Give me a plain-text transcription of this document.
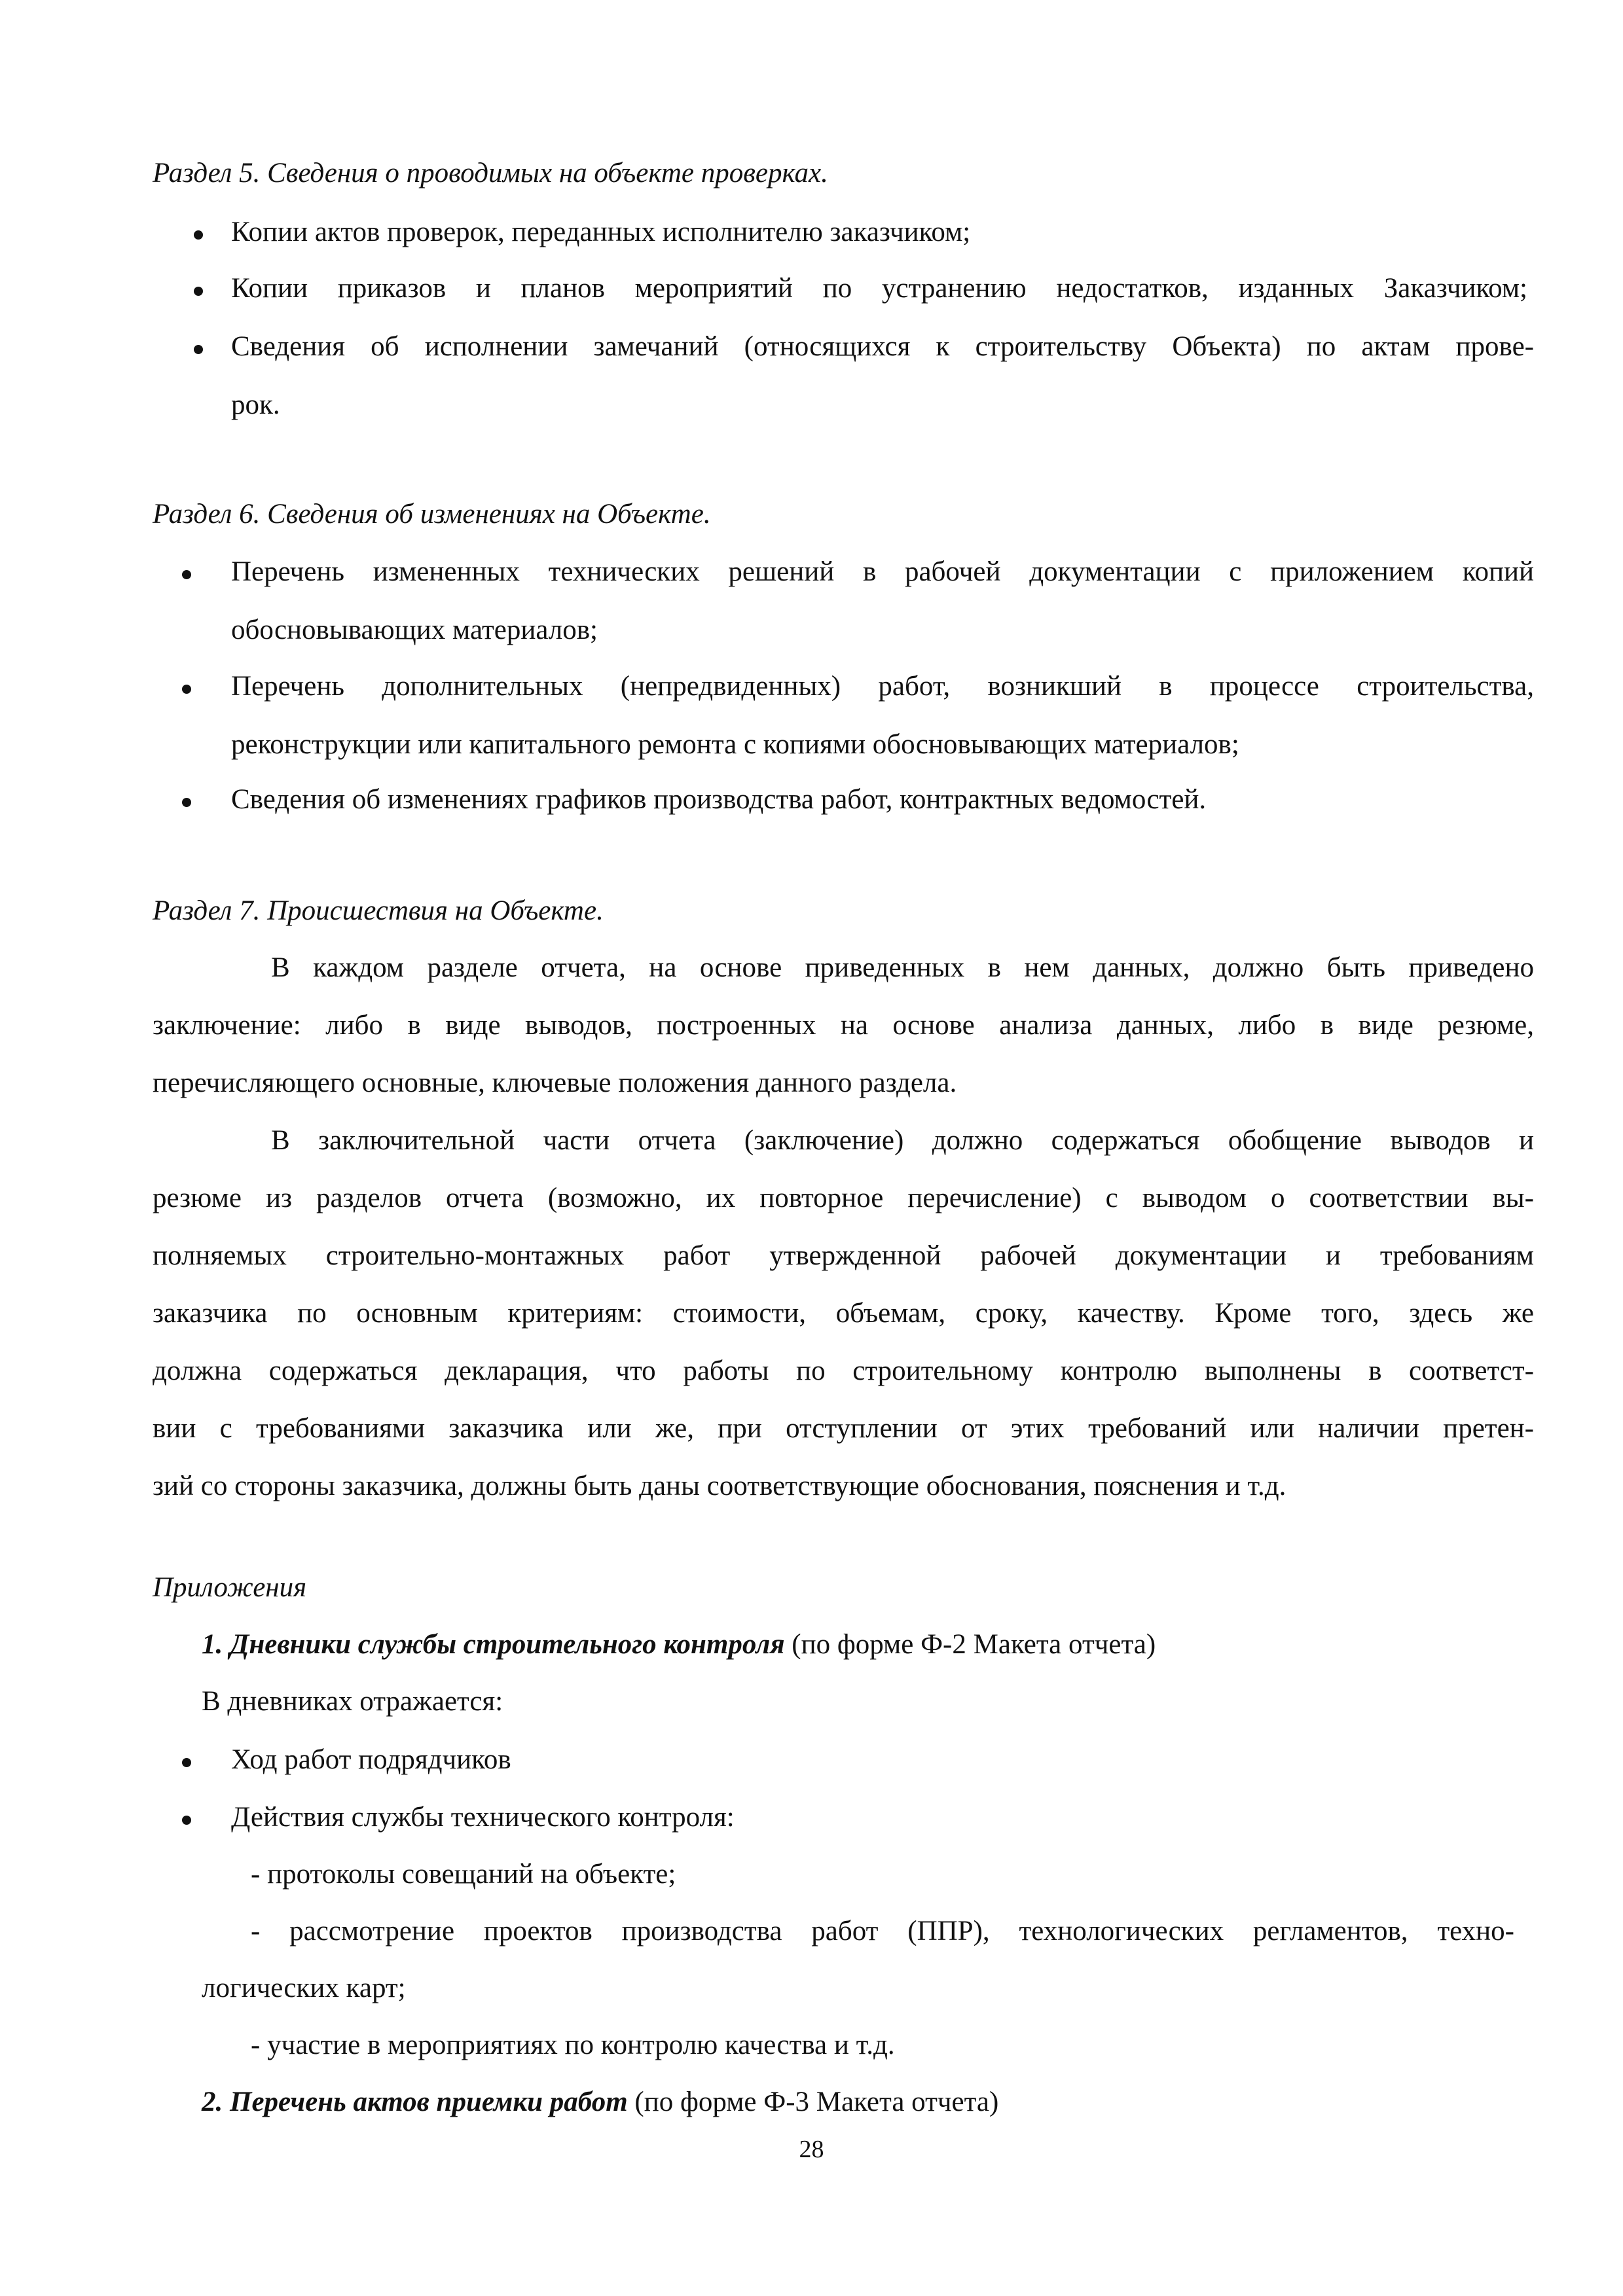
Раздел 5. Сведения о проводимых на объекте проверках.
Копии актов проверок, переданных исполнителю заказчиком;
Копии приказов и планов мероприятий по устранению недостатков, изданных Заказчиком;
Сведения об исполнении замечаний (относящихся к строительству Объекта) по актам прове-
рок.
Раздел 6. Сведения об изменениях на Объекте.
Перечень измененных технических решений в рабочей документации с приложением копий
обосновывающих материалов;
Перечень дополнительных (непредвиденных) работ, возникший в процессе строительства,
реконструкции или капитального ремонта с копиями обосновывающих материалов;
Сведения об изменениях графиков производства работ, контрактных ведомостей.
Раздел 7. Происшествия на Объекте.
В каждом разделе отчета, на основе приведенных в нем данных, должно быть приведено
заключение: либо в виде выводов, построенных на основе анализа данных, либо в виде резюме,
перечисляющего основные, ключевые положения данного раздела.
В заключительной части отчета (заключение) должно содержаться обобщение выводов и
резюме из разделов отчета (возможно, их повторное перечисление) с выводом о соответствии вы-
полняемых строительно-монтажных работ утвержденной рабочей документации и требованиям
заказчика по основным критериям: стоимости, объемам, сроку, качеству. Кроме того, здесь же
должна содержаться декларация, что работы по строительному контролю выполнены в соответст-
вии с требованиями заказчика или же, при отступлении от этих требований или наличии претен-
зий со стороны заказчика, должны быть даны соответствующие обоснования, пояснения и т.д.
Приложения
1. Дневники службы строительного контроля (по форме Ф-2 Макета отчета)
В дневниках отражается:
Ход работ подрядчиков
Действия службы технического контроля:
- протоколы совещаний на объекте;
- рассмотрение проектов производства работ (ППР), технологических регламентов, техно-
логических карт;
- участие в мероприятиях по контролю качества и т.д.
2. Перечень актов приемки работ (по форме Ф-3 Макета отчета)
28
